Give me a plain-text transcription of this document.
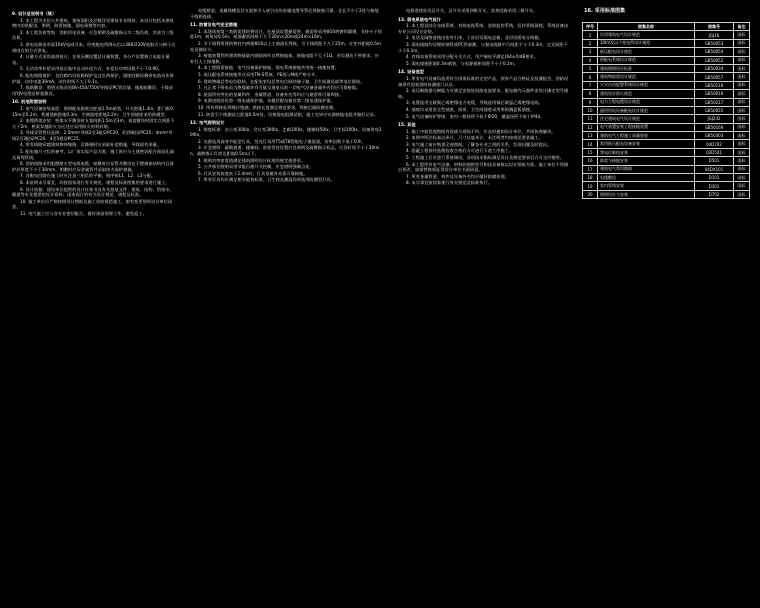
9. 设计总说明书（续）
1. 本工程为多层公共建筑，建筑面积及层数详见建筑专业图纸，本设计包括本建筑物内的供配电、照明、防雷接地、弱电预埋等内容。
2. 本工程负荷等级：消防用电设备、应急照明及疏散指示为二级负荷，其余为三级负荷。
3. 供电电源由市政10kV电网引来，经变配电所降压后以380/220V放射式与树干式相结合的方式供电。
4. 计量方式采用高供低计，在低压侧设置总计量装置，各分户设置独立电能计量表。
5. 无功功率补偿采用低压集中自动补偿方式，补偿后功率因数不小于0.90。
6. 配电线路保护：各回路均设短路保护及过负荷保护，插座回路设剩余电流动作保护器，动作电流30mA，动作时间不大于0.1s。
7. 线路敷设：照明支线采用BV-450/750V导线穿PC管沿墙、楼板暗敷设，干线采用YJV电缆沿桥架敷设。
10. 机电附图说明
1. 电气设备安装高度：照明配电箱底边距地1.5m暗装，开关距地1.3m，距门框0.15m至0.2m；普通插座距地0.3m，空调插座距地2.2m，卫生间插座采用防溅型。
2. 电缆桥架安装：桥架水平敷设时支架间距1.5m至3m，垂直敷设时固定点间距不大于2m，桥架穿越防火分区处应采用防火材料封堵。
3. 导线穿管管径选择：2.5mm²导线2至3根穿PC20，4至6根穿PC25；4mm²导线2至3根穿PC20，4至5根穿PC25。
4. 所有线路穿越建筑物伸缩缝、沉降缝时应采取补偿措施，导线留有余量。
5. 配电箱尺寸仅供参考，以厂家实际产品为准，施工时应与土建密切配合预留孔洞及预埋管线。
6. 消防线路采用阻燃耐火型电线电缆，暗敷时应穿管并敷设在不燃烧体结构内且保护层厚度不小于30mm，明敷时应穿金属管并采取防火保护措施。
7. 各配电回路在施工时应注意三相负荷平衡，相序按L1、L2、L3分配。
8. 本说明未尽事宜，均按国家现行有关规范、规程及标准图集的要求进行施工。
9. 设计依据：建设单位提供的设计任务书及有关批复文件；建筑、结构、给排水、暖通等专业提供的设计资料；国家现行的有关设计规范、规程及标准。
10. 施工单位应严格按照设计图纸及施工验收规范施工，如有变更须经设计单位同意。
11. 电气施工应与各专业密切配合，做好预留预埋工作，避免返工。
电缆桥架、金属线槽及其支架和引入或引出的金属电缆导管必须接地可靠，全长不少于2处与接地干线相连接。
11. 防雷及电气安全措施
1. 本建筑按第三类防雷建筑物设计，在屋顶设置避雷带，避雷带采用Φ10热镀锌圆钢，支持卡子间距1m，转角处0.5m，屋面避雷网格不大于20m×20m或24m×16m。
2. 引下线利用建筑物柱内两根Φ16以上主筋通长焊接，引下线间距不大于25m，在室外距地0.5m处设测试卡。
3. 接地装置利用建筑物基础内钢筋网作自然接地体，接地电阻不大于1Ω，若实测达不到要求，应补打人工接地极。
4. 本工程防雷接地、电气设备保护接地、弱电系统接地共用统一接地装置。
5. 低压配电系统接地形式采用TN-S系统，PE线与N线严格分开。
6. 建筑物做总等电位联结，在配电室设总等电位联结端子箱，卫生间做局部等电位联结。
7. 凡正常不带电而当绝缘破坏有可能呈现电压的一切电气设备金属外壳均应可靠接地。
8. 屋面所有突出的金属构件、金属管道、设备外壳等均应与避雷带可靠焊接。
9. 电源进线处设第一级电涌保护器，各楼层配电箱设第二级电涌保护器。
10. 所有焊接处焊缝应饱满，搭接长度满足规范要求，焊接后做防腐处理。
11. 防雷引下线测试点距地0.5m处，设接地电阻测试箱，施工完毕应实测接地电阻并做好记录。
12. 电气照明设计
1. 照度标准：办公室300lx，会议室300lx，走廊100lx，楼梯间50lx，卫生间100lx，设备用房200lx。
2. 光源选用高效节能型灯具，荧光灯采用T5或T8管配电子镇流器，功率因数不低于0.9。
3. 应急照明：疏散通道、楼梯间、前室等处设置应急照明及疏散指示标志，应急时间不小于30min，疏散指示灯底边距地0.5m以下。
4. 照明功率密度值满足建筑照明设计标准的规定值要求。
5. 公共部位照明采用节能自熄开关控制，应急照明强制点亮。
6. 灯具安装高度低于2.4m时，灯具金属外壳需可靠接地。
7. 所有灯具均应满足相关能效标准，卫生间及潮湿场所选用防潮型灯具。
电源进线处设总开关，总开关采用四极开关，其余回路采用二极开关。
13. 弱电系统电气设计
1. 本工程设综合布线系统、有线电视系统、安防监控系统，仅作管线预埋，系统设备由专业公司设计安装。
2. 电话及网络进线由室外引来，于首层设弱电总箱，各层设弱电分线箱。
3. 弱电线路均穿镀锌钢管或PC管暗敷，与强电线路平行间距不小于0.3m，交叉间距不小于0.1m。
4. 有线电视系统采用分配分支方式，用户端电平满足(64±4)dB要求。
5. 弱电插座距地0.3m暗装，与电源插座间距不小于0.2m。
14. 设备选型
1. 所有电气设备均选用符合国家标准的定型产品，须有产品合格证及检测报告，消防设备须有国家消防检测部门认证。
2. 低压断路器分断能力应满足安装处短路电流要求，配电箱内元器件由设计确定型号规格。
3. 电缆选用交联聚乙烯绝缘电力电缆，导线选用铜芯聚氯乙烯绝缘电线。
4. 插座均采用安全型插座，厨房、卫生间插座采用带防溅盖板插座。
5. 电气设备防护等级：室内一般场所不低于IP20，潮湿场所不低于IP44。
15. 其他
1. 施工中如发现图纸有误或与现场不符，应及时通知设计单位，共同协商解决。
2. 本图中所注标高以米计，尺寸以毫米计，未注明者均按规范要求施工。
3. 电气施工前应熟悉全部图纸，了解各专业之间的关系，发现问题及时提出。
4. 隐蔽工程须经监理验收合格后方可进行下道工序施工。
5. 工程竣工后应进行系统调试，各项技术指标满足设计及规范要求后方可交付使用。
6. 本工程所有电气设备、材料的规格型号和技术参数以设计图纸为准，施工单位不得擅自更改，如需替换须征得设计单位书面同意。
7. 所有金属管道、构件及设备外壳均应做好防腐处理。
8. 未尽事宜按国家现行有关规范及标准执行。
16. 采用标准图集
序号	图集名称	图集号	备注
1	民用建筑电气设计规范	JGJ16	国标
2	10kV及以下变电所设计规范	GB50053	国标
3	低压配电设计规范	GB50054	国标
4	供配电系统设计规范	GB50052	国标
5	建筑照明设计标准	GB50034	国标
6	建筑物防雷设计规范	GB50057	国标
7	火灾自动报警系统设计规范	GB50116	国标
8	建筑设计防火规范	GB50016	国标
9	电力工程电缆设计规范	GB50217	国标
10	通用用电设备配电设计规范	GB50055	国标
11	住宅建筑电气设计规范	JGJ242	国标
12	电气装置安装工程接地装置	GB50169	国标
13	建筑电气工程施工质量验收	GB50303	国标
14	常用低压配电设备安装	04D702	国标
15	等电位联结安装	02D501	国标
16	防雷与接地安装	D501	国标
17	建筑电气常用数据	04DX101	国标
18	电缆敷设	D101	国标
19	室内管线安装	D301	国标
20	照明设计与安装	D702	国标
